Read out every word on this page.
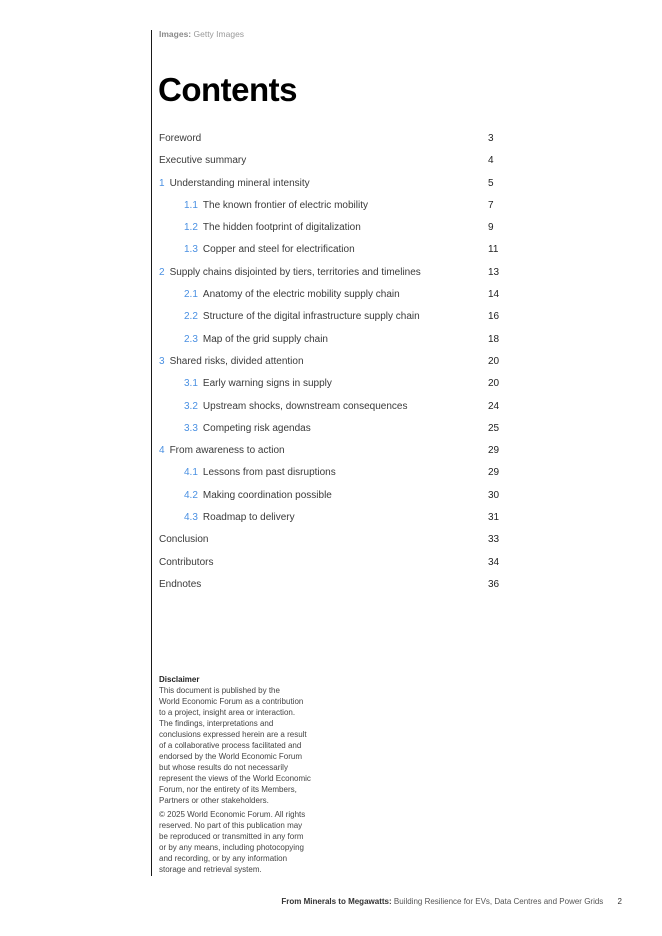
Images: Getty Images
Contents
Foreword	3
Executive summary	4
1 Understanding mineral intensity	5
1.1 The known frontier of electric mobility	7
1.2 The hidden footprint of digitalization	9
1.3 Copper and steel for electrification	11
2 Supply chains disjointed by tiers, territories and timelines	13
2.1 Anatomy of the electric mobility supply chain	14
2.2 Structure of the digital infrastructure supply chain	16
2.3 Map of the grid supply chain	18
3 Shared risks, divided attention	20
3.1 Early warning signs in supply	20
3.2 Upstream shocks, downstream consequences	24
3.3 Competing risk agendas	25
4 From awareness to action	29
4.1 Lessons from past disruptions	29
4.2 Making coordination possible	30
4.3 Roadmap to delivery	31
Conclusion	33
Contributors	34
Endnotes	36
Disclaimer

This document is published by the
World Economic Forum as a contribution
to a project, insight area or interaction.
The findings, interpretations and
conclusions expressed herein are a result
of a collaborative process facilitated and
endorsed by the World Economic Forum
but whose results do not necessarily
represent the views of the World Economic
Forum, nor the entirety of its Members,
Partners or other stakeholders.

© 2025 World Economic Forum. All rights
reserved. No part of this publication may
be reproduced or transmitted in any form
or by any means, including photocopying
and recording, or by any information
storage and retrieval system.

From Minerals to Megawatts: Building Resilience for EVs, Data Centres and Power Grids 2
